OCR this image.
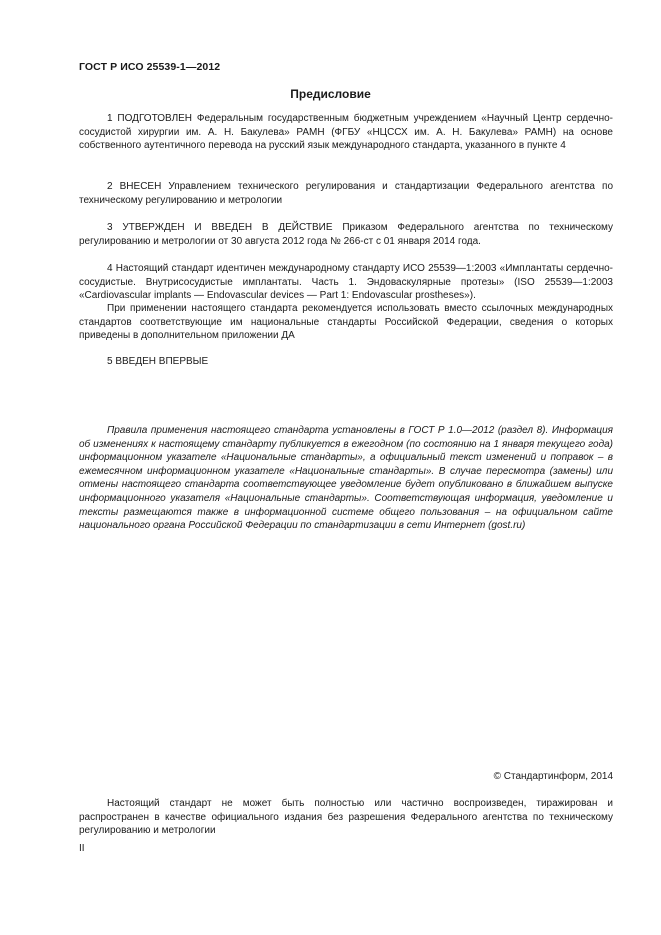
ГОСТ Р ИСО 25539-1—2012
Предисловие

1 ПОДГОТОВЛЕН Федеральным государственным бюджетным учреждением «Научный Центр сердечно-сосудистой хирургии им. А. Н. Бакулева» РАМН (ФГБУ «НЦССХ им. А. Н. Бакулева» РАМН) на основе собственного аутентичного перевода на русский язык международного стандарта, указанного в пункте 4

2 ВНЕСЕН Управлением технического регулирования и стандартизации Федерального агентства по техническому регулированию и метрологии

3 УТВЕРЖДЕН И ВВЕДЕН В ДЕЙСТВИЕ Приказом Федерального агентства по техническому регулированию и метрологии от 30 августа 2012 года № 266-ст с 01 января 2014 года.

4 Настоящий стандарт идентичен международному стандарту ИСО 25539—1:2003 «Имплантаты сердечно-сосудистые. Внутрисосудистые имплантаты. Часть 1. Эндоваскулярные протезы» (ISO 25539—1:2003 «Cardiovascular implants — Endovascular devices — Part 1: Endovascular prostheses»).

При применении настоящего стандарта рекомендуется использовать вместо ссылочных международных стандартов соответствующие им национальные стандарты Российской Федерации, сведения о которых приведены в дополнительном приложении ДА

5 ВВЕДЕН ВПЕРВЫЕ

Правила применения настоящего стандарта установлены в ГОСТ Р 1.0—2012 (раздел 8). Информация об изменениях к настоящему стандарту публикуется в ежегодном (по состоянию на 1 января текущего года) информационном указателе «Национальные стандарты», а официальный текст изменений и поправок – в ежемесячном информационном указателе «Национальные стандарты». В случае пересмотра (замены) или отмены настоящего стандарта соответствующее уведомление будет опубликовано в ближайшем выпуске информационного указателя «Национальные стандарты». Соответствующая информация, уведомление и тексты размещаются также в информационной системе общего пользования – на официальном сайте национального органа Российской Федерации по стандартизации в сети Интернет (gost.ru)

© Стандартинформ, 2014

Настоящий стандарт не может быть полностью или частично воспроизведен, тиражирован и распространен в качестве официального издания без разрешения Федерального агентства по техническому регулированию и метрологии

II
